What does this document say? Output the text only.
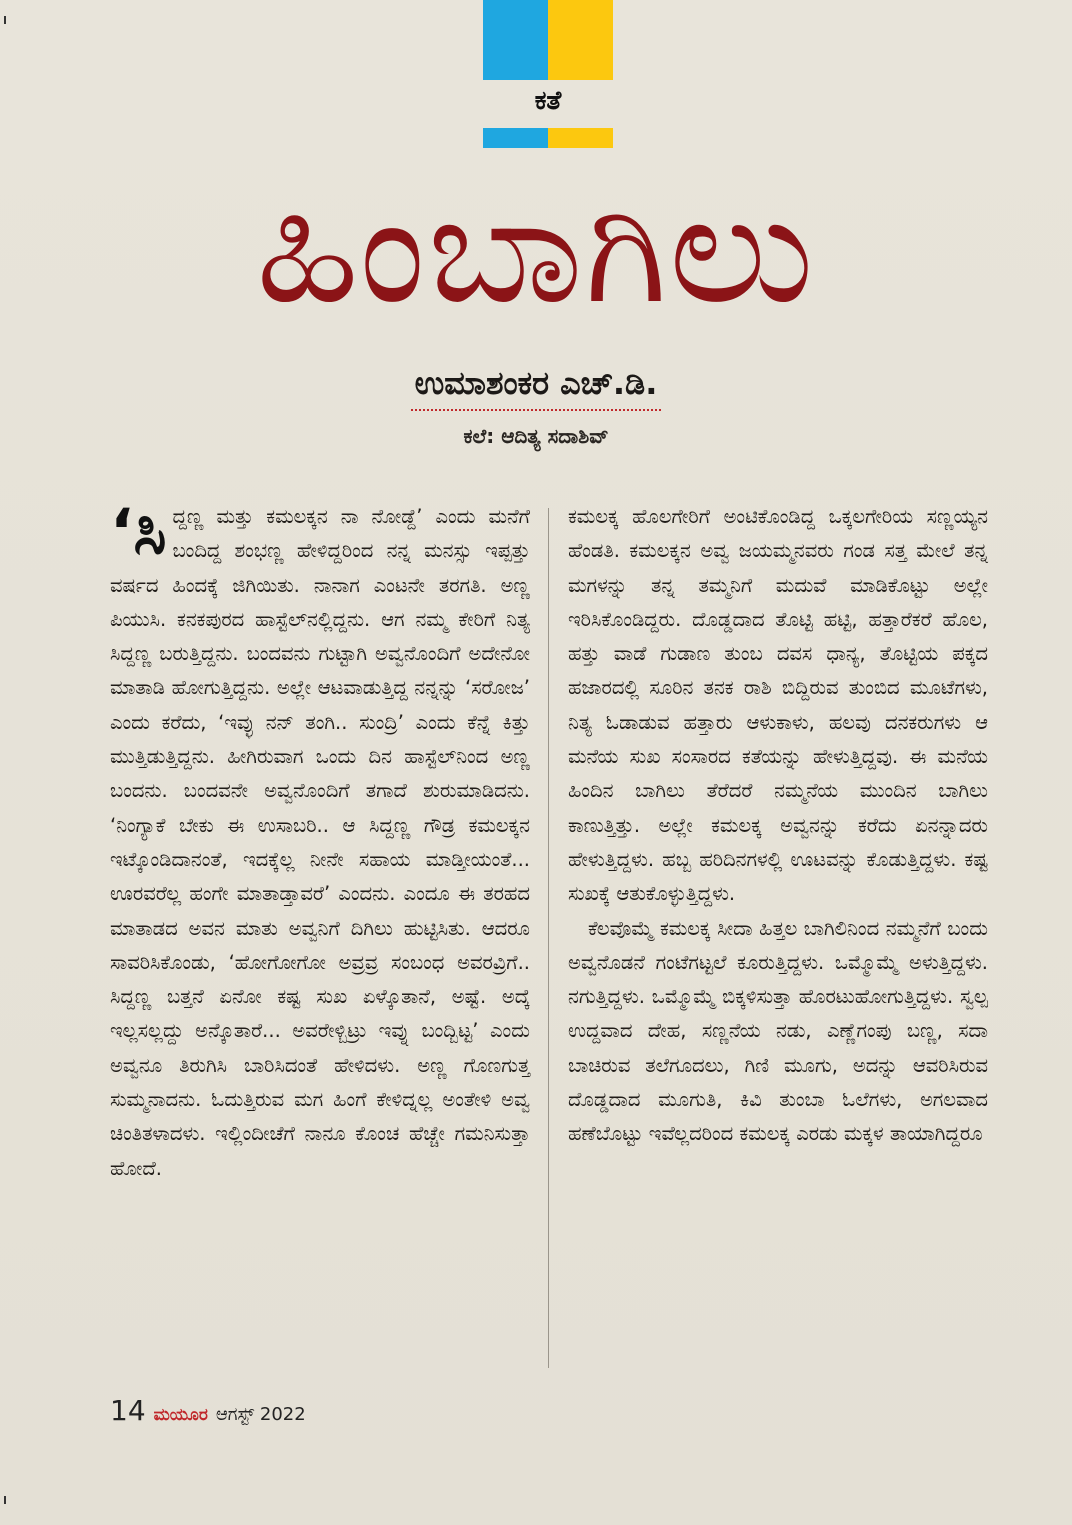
ಕತೆ
ಹಿಂಬಾಗಿಲು
ಉಮಾಶಂಕರ ಎಚ್.ಡಿ.
ಕಲೆ: ಆದಿತ್ಯ ಸದಾಶಿವ್

‘ಸಿದ್ದಣ್ಣ ಮತ್ತು ಕಮಲಕ್ಕನ ನಾ ನೋಡ್ದೆ’ ಎಂದು ಮನೆಗೆ ಬಂದಿದ್ದ ಶಂಭಣ್ಣ ಹೇಳಿದ್ದರಿಂದ ನನ್ನ ಮನಸ್ಸು ಇಪ್ಪತ್ತು ವರ್ಷದ ಹಿಂದಕ್ಕೆ ಜಿಗಿಯಿತು. ನಾನಾಗ ಎಂಟನೇ ತರಗತಿ. ಅಣ್ಣ ಪಿಯುಸಿ. ಕನಕಪುರದ ಹಾಸ್ಟೆಲ್‌ನಲ್ಲಿದ್ದನು. ಆಗ ನಮ್ಮ ಕೇರಿಗೆ ನಿತ್ಯ ಸಿದ್ದಣ್ಣ ಬರುತ್ತಿದ್ದನು. ಬಂದವನು ಗುಟ್ಟಾಗಿ ಅವ್ವನೊಂದಿಗೆ ಅದೇನೋ ಮಾತಾಡಿ ಹೋಗುತ್ತಿದ್ದನು. ಅಲ್ಲೇ ಆಟವಾಡುತ್ತಿದ್ದ ನನ್ನನ್ನು ‘ಸರೋಜ’ ಎಂದು ಕರೆದು, ‘ಇವ್ಳು ನನ್ ತಂಗಿ.. ಸುಂದ್ರಿ’ ಎಂದು ಕೆನ್ನೆ ಕಿತ್ತು ಮುತ್ತಿಡುತ್ತಿದ್ದನು. ಹೀಗಿರುವಾಗ ಒಂದು ದಿನ ಹಾಸ್ಟೆಲ್‌ನಿಂದ ಅಣ್ಣ ಬಂದನು. ಬಂದವನೇ ಅವ್ವನೊಂದಿಗೆ ತಗಾದೆ ಶುರುಮಾಡಿದನು. ‘ನಿಂಗ್ಯಾಕೆ ಬೇಕು ಈ ಉಸಾಬರಿ.. ಆ ಸಿದ್ದಣ್ಣ ಗೌಡ್ರ ಕಮಲಕ್ಕನ ಇಟ್ಕೊಂಡಿದಾನಂತೆ, ಇದಕ್ಕೆಲ್ಲ ನೀನೇ ಸಹಾಯ ಮಾಡ್ತೀಯಂತೆ... ಊರವರೆಲ್ಲ ಹಂಗೇ ಮಾತಾಡ್ತಾವರೆ’ ಎಂದನು. ಎಂದೂ ಈ ತರಹದ ಮಾತಾಡದ ಅವನ ಮಾತು ಅವ್ವನಿಗೆ ದಿಗಿಲು ಹುಟ್ಟಿಸಿತು. ಆದರೂ ಸಾವರಿಸಿಕೊಂಡು, ‘ಹೋಗೋಗೋ ಅವ್ರವ್ರ ಸಂಬಂಧ ಅವರವ್ರಿಗೆ.. ಸಿದ್ದಣ್ಣ ಬತ್ತನೆ ಏನೋ ಕಷ್ಟ ಸುಖ ಏಳ್ಕೊತಾನೆ, ಅಷ್ಟೆ. ಅದ್ಕೆ ಇಲ್ಲಸಲ್ಲದ್ದು ಅನ್ಕೊತಾರೆ... ಅವರೇಳ್ಬಿಟ್ರು ಇವ್ನು ಬಂದ್ಬಿಟ್ಟ’ ಎಂದು ಅವ್ವನೂ ತಿರುಗಿಸಿ ಬಾರಿಸಿದಂತೆ ಹೇಳಿದಳು. ಅಣ್ಣ ಗೊಣಗುತ್ತ ಸುಮ್ಮನಾದನು. ಓದುತ್ತಿರುವ ಮಗ ಹಿಂಗೆ ಕೇಳಿದ್ನಲ್ಲ ಅಂತೇಳಿ ಅವ್ವ ಚಿಂತಿತಳಾದಳು. ಇಲ್ಲಿಂದೀಚೆಗೆ ನಾನೂ ಕೊಂಚ ಹೆಚ್ಚೇ ಗಮನಿಸುತ್ತಾ ಹೋದೆ.

ಕಮಲಕ್ಕ ಹೊಲಗೇರಿಗೆ ಅಂಟಿಕೊಂಡಿದ್ದ ಒಕ್ಕಲಗೇರಿಯ ಸಣ್ಣಯ್ಯನ ಹೆಂಡತಿ. ಕಮಲಕ್ಕನ ಅವ್ವ ಜಯಮ್ಮನವರು ಗಂಡ ಸತ್ತ ಮೇಲೆ ತನ್ನ ಮಗಳನ್ನು ತನ್ನ ತಮ್ಮನಿಗೆ ಮದುವೆ ಮಾಡಿಕೊಟ್ಟು ಅಲ್ಲೇ ಇರಿಸಿಕೊಂಡಿದ್ದರು. ದೊಡ್ಡದಾದ ತೊಟ್ಟಿ ಹಟ್ಟಿ, ಹತ್ತಾರೆಕರೆ ಹೊಲ, ಹತ್ತು ವಾಡೆ ಗುಡಾಣ ತುಂಬ ದವಸ ಧಾನ್ಯ, ತೊಟ್ಟಿಯ ಪಕ್ಕದ ಹಜಾರದಲ್ಲಿ ಸೂರಿನ ತನಕ ರಾಶಿ ಬಿದ್ದಿರುವ ತುಂಬಿದ ಮೂಟೆಗಳು, ನಿತ್ಯ ಓಡಾಡುವ ಹತ್ತಾರು ಆಳುಕಾಳು, ಹಲವು ದನಕರುಗಳು ಆ ಮನೆಯ ಸುಖ ಸಂಸಾರದ ಕತೆಯನ್ನು ಹೇಳುತ್ತಿದ್ದವು. ಈ ಮನೆಯ ಹಿಂದಿನ ಬಾಗಿಲು ತೆರೆದರೆ ನಮ್ಮನೆಯ ಮುಂದಿನ ಬಾಗಿಲು ಕಾಣುತ್ತಿತ್ತು. ಅಲ್ಲೇ ಕಮಲಕ್ಕ ಅವ್ವನನ್ನು ಕರೆದು ಏನನ್ನಾದರು ಹೇಳುತ್ತಿದ್ದಳು. ಹಬ್ಬ ಹರಿದಿನಗಳಲ್ಲಿ ಊಟವನ್ನು ಕೊಡುತ್ತಿದ್ದಳು. ಕಷ್ಟ ಸುಖಕ್ಕೆ ಆತುಕೊಳ್ಳುತ್ತಿದ್ದಳು.

ಕೆಲವೊಮ್ಮೆ ಕಮಲಕ್ಕ ಸೀದಾ ಹಿತ್ತಲ ಬಾಗಿಲಿನಿಂದ ನಮ್ಮನೆಗೆ ಬಂದು ಅವ್ವನೊಡನೆ ಗಂಟೆಗಟ್ಟಲೆ ಕೂರುತ್ತಿದ್ದಳು. ಒಮ್ಮೊಮ್ಮೆ ಅಳುತ್ತಿದ್ದಳು. ನಗುತ್ತಿದ್ದಳು. ಒಮ್ಮೊಮ್ಮೆ ಬಿಕ್ಕಳಿಸುತ್ತಾ ಹೊರಟುಹೋಗುತ್ತಿದ್ದಳು. ಸ್ವಲ್ಪ ಉದ್ದವಾದ ದೇಹ, ಸಣ್ಣನೆಯ ನಡು, ಎಣ್ಣೆಗಂಪು ಬಣ್ಣ, ಸದಾ ಬಾಚಿರುವ ತಲೆಗೂದಲು, ಗಿಣಿ ಮೂಗು, ಅದನ್ನು ಆವರಿಸಿರುವ ದೊಡ್ಡದಾದ ಮೂಗುತಿ, ಕಿವಿ ತುಂಬಾ ಓಲೆಗಳು, ಅಗಲವಾದ ಹಣೆಬೊಟ್ಟು ಇವೆಲ್ಲದರಿಂದ ಕಮಲಕ್ಕ ಎರಡು ಮಕ್ಕಳ ತಾಯಾಗಿದ್ದರೂ

14 ಮಯೂರ ಆಗಸ್ಟ್ 2022
